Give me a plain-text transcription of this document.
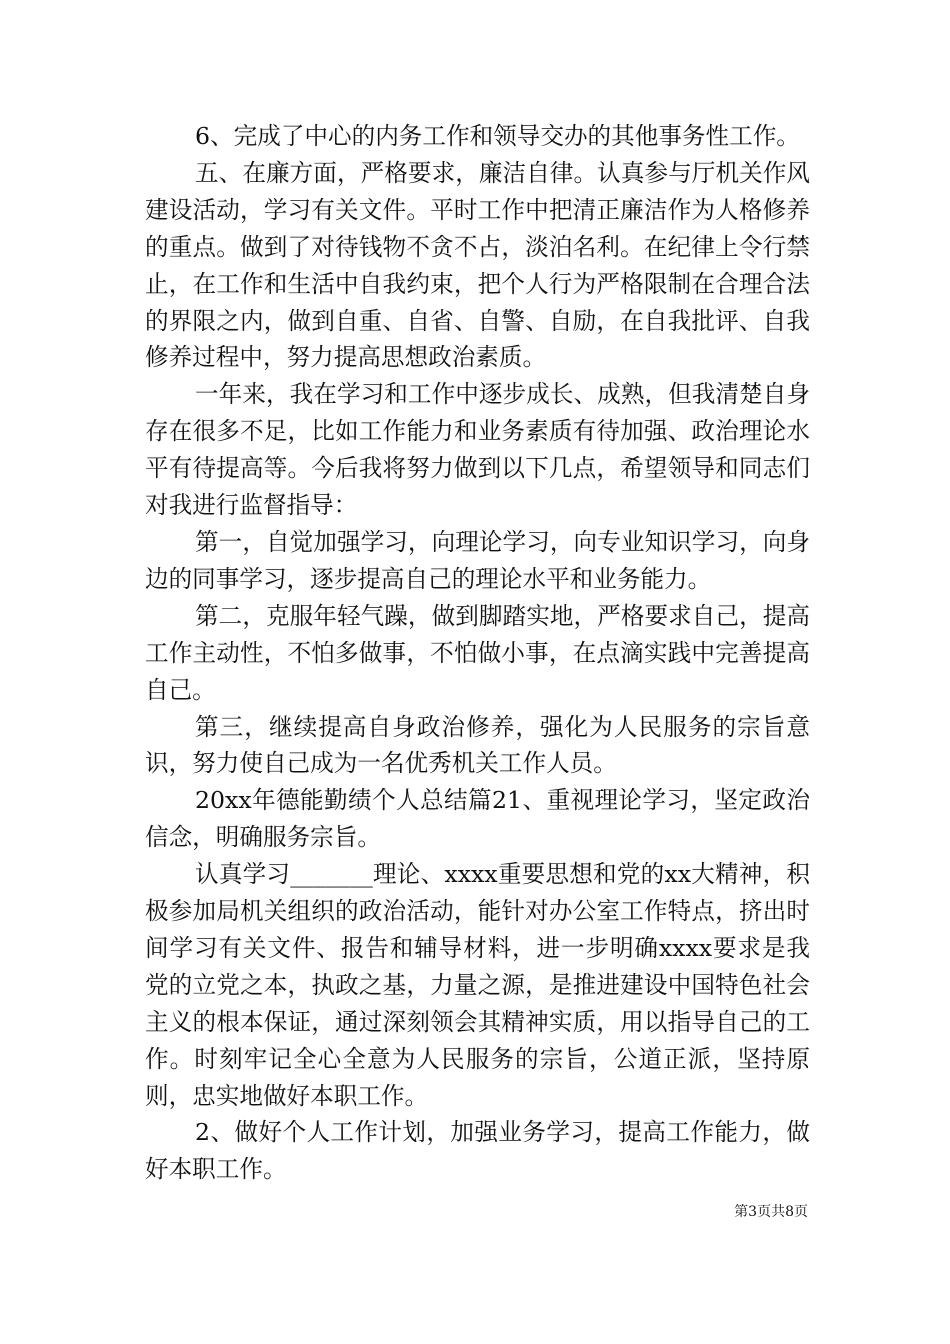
6、完成了中心的内务工作和领导交办的其他事务性工作。

五、在廉方面，严格要求，廉洁自律。认真参与厅机关作风建设活动，学习有关文件。平时工作中把清正廉洁作为人格修养的重点。做到了对待钱物不贪不占，淡泊名利。在纪律上令行禁止，在工作和生活中自我约束，把个人行为严格限制在合理合法的界限之内，做到自重、自省、自警、自励，在自我批评、自我修养过程中，努力提高思想政治素质。

一年来，我在学习和工作中逐步成长、成熟，但我清楚自身存在很多不足，比如工作能力和业务素质有待加强、政治理论水平有待提高等。今后我将努力做到以下几点，希望领导和同志们对我进行监督指导：

第一，自觉加强学习，向理论学习，向专业知识学习，向身边的同事学习，逐步提高自己的理论水平和业务能力。

第二，克服年轻气躁，做到脚踏实地，严格要求自己，提高工作主动性，不怕多做事，不怕做小事，在点滴实践中完善提高自己。

第三，继续提高自身政治修养，强化为人民服务的宗旨意识，努力使自己成为一名优秀机关工作人员。

20xx年德能勤绩个人总结篇21、重视理论学习，坚定政治信念，明确服务宗旨。

认真学习_______理论、xxxx重要思想和党的xx大精神，积极参加局机关组织的政治活动，能针对办公室工作特点，挤出时间学习有关文件、报告和辅导材料，进一步明确xxxx要求是我党的立党之本，执政之基，力量之源，是推进建设中国特色社会主义的根本保证，通过深刻领会其精神实质，用以指导自己的工作。时刻牢记全心全意为人民服务的宗旨，公道正派，坚持原则，忠实地做好本职工作。

2、做好个人工作计划，加强业务学习，提高工作能力，做好本职工作。

第3页共8页
